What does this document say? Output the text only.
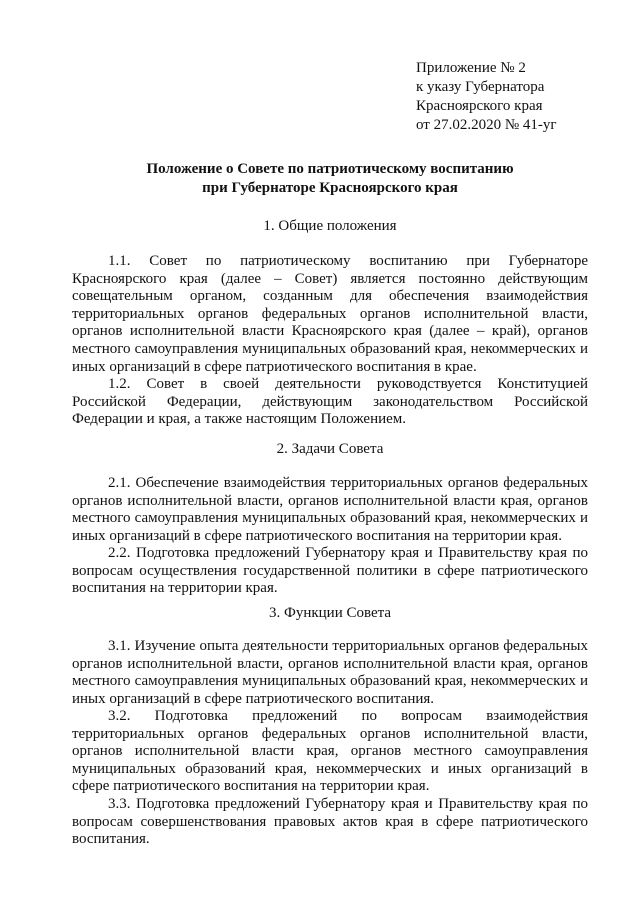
Приложение № 2
к указу Губернатора
Красноярского края
от 27.02.2020 № 41-уг
Положение о Совете по патриотическому воспитанию
при Губернаторе Красноярского края
1. Общие положения

1.1. Совет по патриотическому воспитанию при Губернаторе Красноярского края (далее – Совет) является постоянно действующим совещательным органом, созданным для обеспечения взаимодействия территориальных органов федеральных органов исполнительной власти, органов исполнительной власти Красноярского края (далее – край), органов местного самоуправления муниципальных образований края, некоммерческих и иных организаций в сфере патриотического воспитания в крае.

1.2. Совет в своей деятельности руководствуется Конституцией Российской Федерации, действующим законодательством Российской Федерации и края, а также настоящим Положением.

2. Задачи Совета

2.1. Обеспечение взаимодействия территориальных органов федеральных органов исполнительной власти, органов исполнительной власти края, органов местного самоуправления муниципальных образований края, некоммерческих и иных организаций в сфере патриотического воспитания на территории края.

2.2. Подготовка предложений Губернатору края и Правительству края по вопросам осуществления государственной политики в сфере патриотического воспитания на территории края.

3. Функции Совета

3.1. Изучение опыта деятельности территориальных органов федеральных органов исполнительной власти, органов исполнительной власти края, органов местного самоуправления муниципальных образований края, некоммерческих и иных организаций в сфере патриотического воспитания.

3.2. Подготовка предложений по вопросам взаимодействия территориальных органов федеральных органов исполнительной власти, органов исполнительной власти края, органов местного самоуправления муниципальных образований края, некоммерческих и иных организаций в сфере патриотического воспитания на территории края.

3.3. Подготовка предложений Губернатору края и Правительству края по вопросам совершенствования правовых актов края в сфере патриотического воспитания.
